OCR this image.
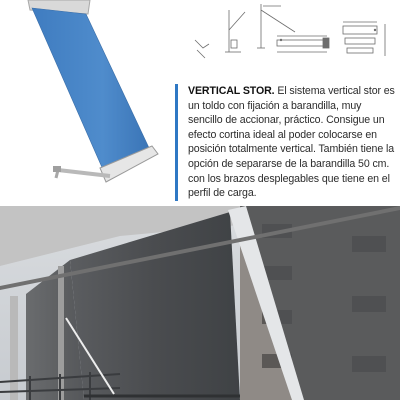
VERTICAL STOR. El sistema vertical stor es un toldo con fijación a barandilla, muy sencillo de accionar, práctico. Consigue un efecto cortina ideal al poder colocarse en posición totalmente vertical. También tiene la opción de separarse de la barandilla 50 cm. con los brazos desplegables que tiene en el perfil de carga.
